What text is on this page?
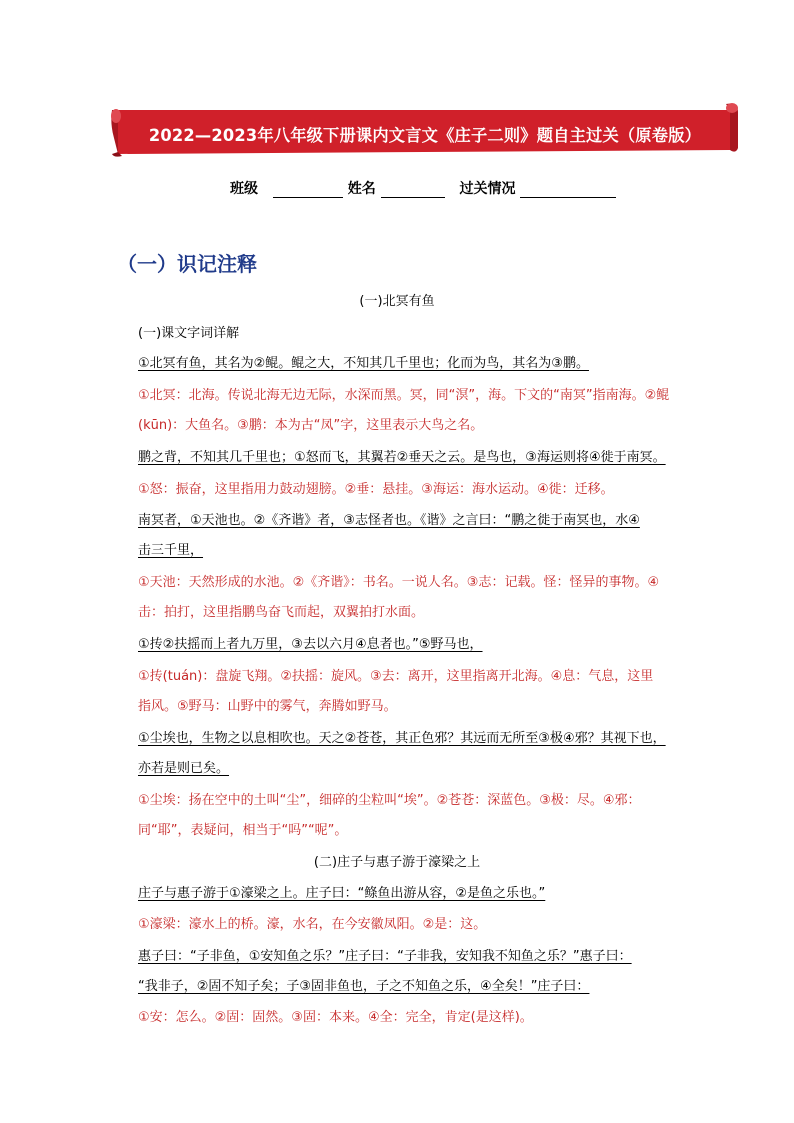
2022—2023年八年级下册课内文言文《庄子二则》题自主过关（原卷版）
班级	姓名	过关情况
（一）识记注释
(一)北冥有鱼
(一)课文字词详解
①北冥有鱼，其名为②鲲。鲲之大，不知其几千里也；化而为鸟，其名为③鹏。
①北冥：北海。传说北海无边无际，水深而黑。冥，同“溟”，海。下文的“南冥”指南海。②鲲
(kūn)：大鱼名。③鹏：本为古“凤”字，这里表示大鸟之名。
鹏之背，不知其几千里也；①怒而飞，其翼若②垂天之云。是鸟也，③海运则将④徙于南冥。
①怒：振奋，这里指用力鼓动翅膀。②垂：悬挂。③海运：海水运动。④徙：迁移。
南冥者，①天池也。②《齐谐》者，③志怪者也。《谐》之言曰：“鹏之徙于南冥也，水④
击三千里，
①天池：天然形成的水池。②《齐谐》：书名。一说人名。③志：记载。怪：怪异的事物。④
击：拍打，这里指鹏鸟奋飞而起，双翼拍打水面。
①抟②扶摇而上者九万里，③去以六月④息者也。”⑤野马也，
①抟(tuán)：盘旋飞翔。②扶摇：旋风。③去：离开，这里指离开北海。④息：气息，这里
指风。⑤野马：山野中的雾气，奔腾如野马。
①尘埃也，生物之以息相吹也。天之②苍苍，其正色邪？其远而无所至③极④邪？其视下也，
亦若是则已矣。
①尘埃：扬在空中的土叫“尘”，细碎的尘粒叫“埃”。②苍苍：深蓝色。③极：尽。④邪：
同“耶”，表疑问，相当于“吗”“呢”。
(二)庄子与惠子游于濠梁之上
庄子与惠子游于①濠梁之上。庄子曰：“鲦鱼出游从容，②是鱼之乐也。”
①濠梁：濠水上的桥。濠，水名，在今安徽凤阳。②是：这。
惠子曰：“子非鱼，①安知鱼之乐？”庄子曰：“子非我，安知我不知鱼之乐？”惠子曰：
“我非子，②固不知子矣；子③固非鱼也，子之不知鱼之乐，④全矣！”庄子曰：
①安：怎么。②固：固然。③固：本来。④全：完全，肯定(是这样)。
